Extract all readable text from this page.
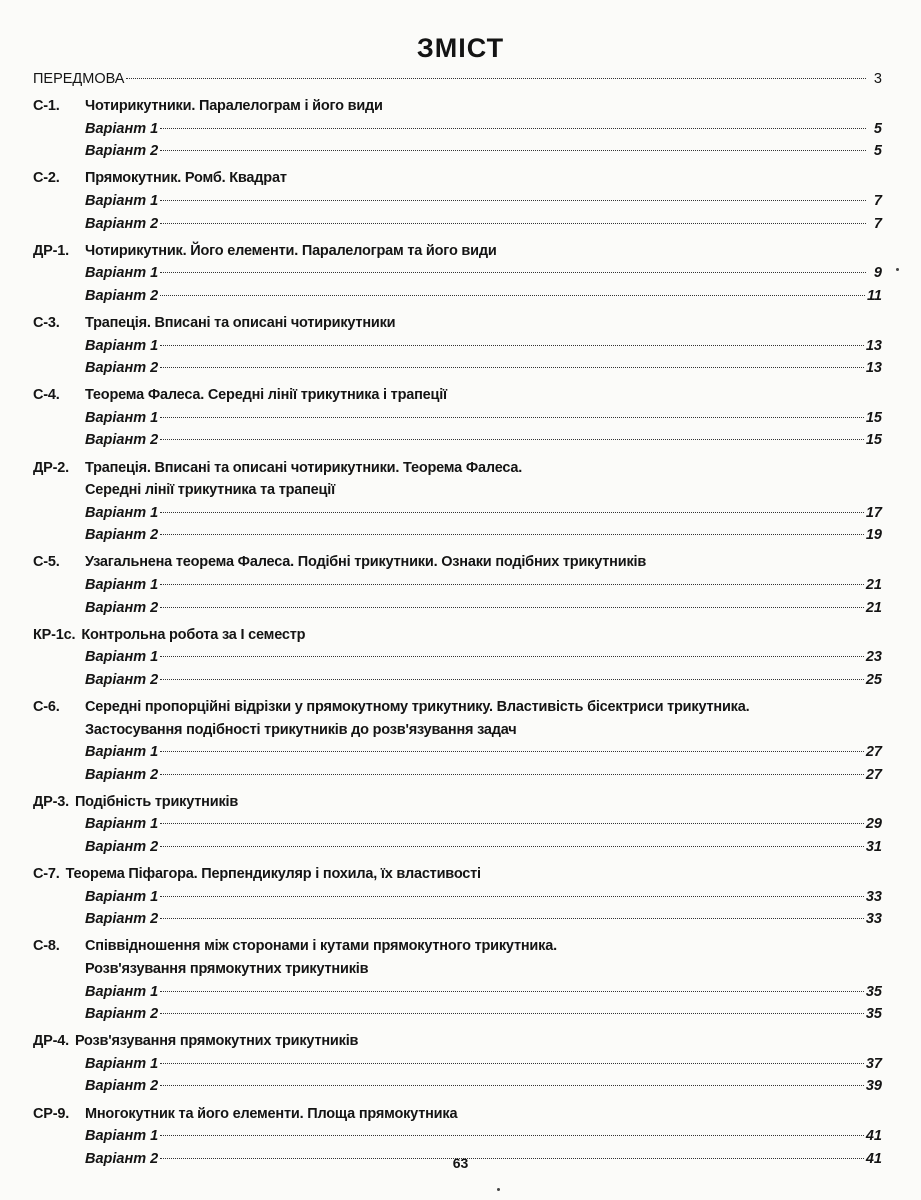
ЗМІСТ
ПЕРЕДМОВА	3
С-1.	Чотирикутники. Паралелограм і його види
Варіант 1	5
Варіант 2	5
С-2.	Прямокутник. Ромб. Квадрат
Варіант 1	7
Варіант 2	7
ДР-1.	Чотирикутник. Його елементи. Паралелограм та його види
Варіант 1	9
Варіант 2	11
С-3.	Трапеція. Вписані та описані чотирикутники
Варіант 1	13
Варіант 2	13
С-4.	Теорема Фалеса. Середні лінії трикутника і трапеції
Варіант 1	15
Варіант 2	15
ДР-2.	Трапеція. Вписані та описані чотирикутники. Теорема Фалеса.
Середні лінії трикутника та трапеції
Варіант 1	17
Варіант 2	19
С-5.	Узагальнена теорема Фалеса. Подібні трикутники. Ознаки подібних трикутників
Варіант 1	21
Варіант 2	21
КР-1с. Контрольна робота за І семестр
Варіант 1	23
Варіант 2	25
С-6.	Середні пропорційні відрізки у прямокутному трикутнику. Властивість бісектриси трикутника.
Застосування подібності трикутників до розв'язування задач
Варіант 1	27
Варіант 2	27
ДР-3. Подібність трикутників
Варіант 1	29
Варіант 2	31
С-7. Теорема Піфагора. Перпендикуляр і похила, їх властивості
Варіант 1	33
Варіант 2	33
С-8.	Співвідношення між сторонами і кутами прямокутного трикутника.
Розв'язування прямокутних трикутників
Варіант 1	35
Варіант 2	35
ДР-4. Розв'язування прямокутних трикутників
Варіант 1	37
Варіант 2	39
СР-9.	Многокутник та його елементи. Площа прямокутника
Варіант 1	41
Варіант 2	41
63
